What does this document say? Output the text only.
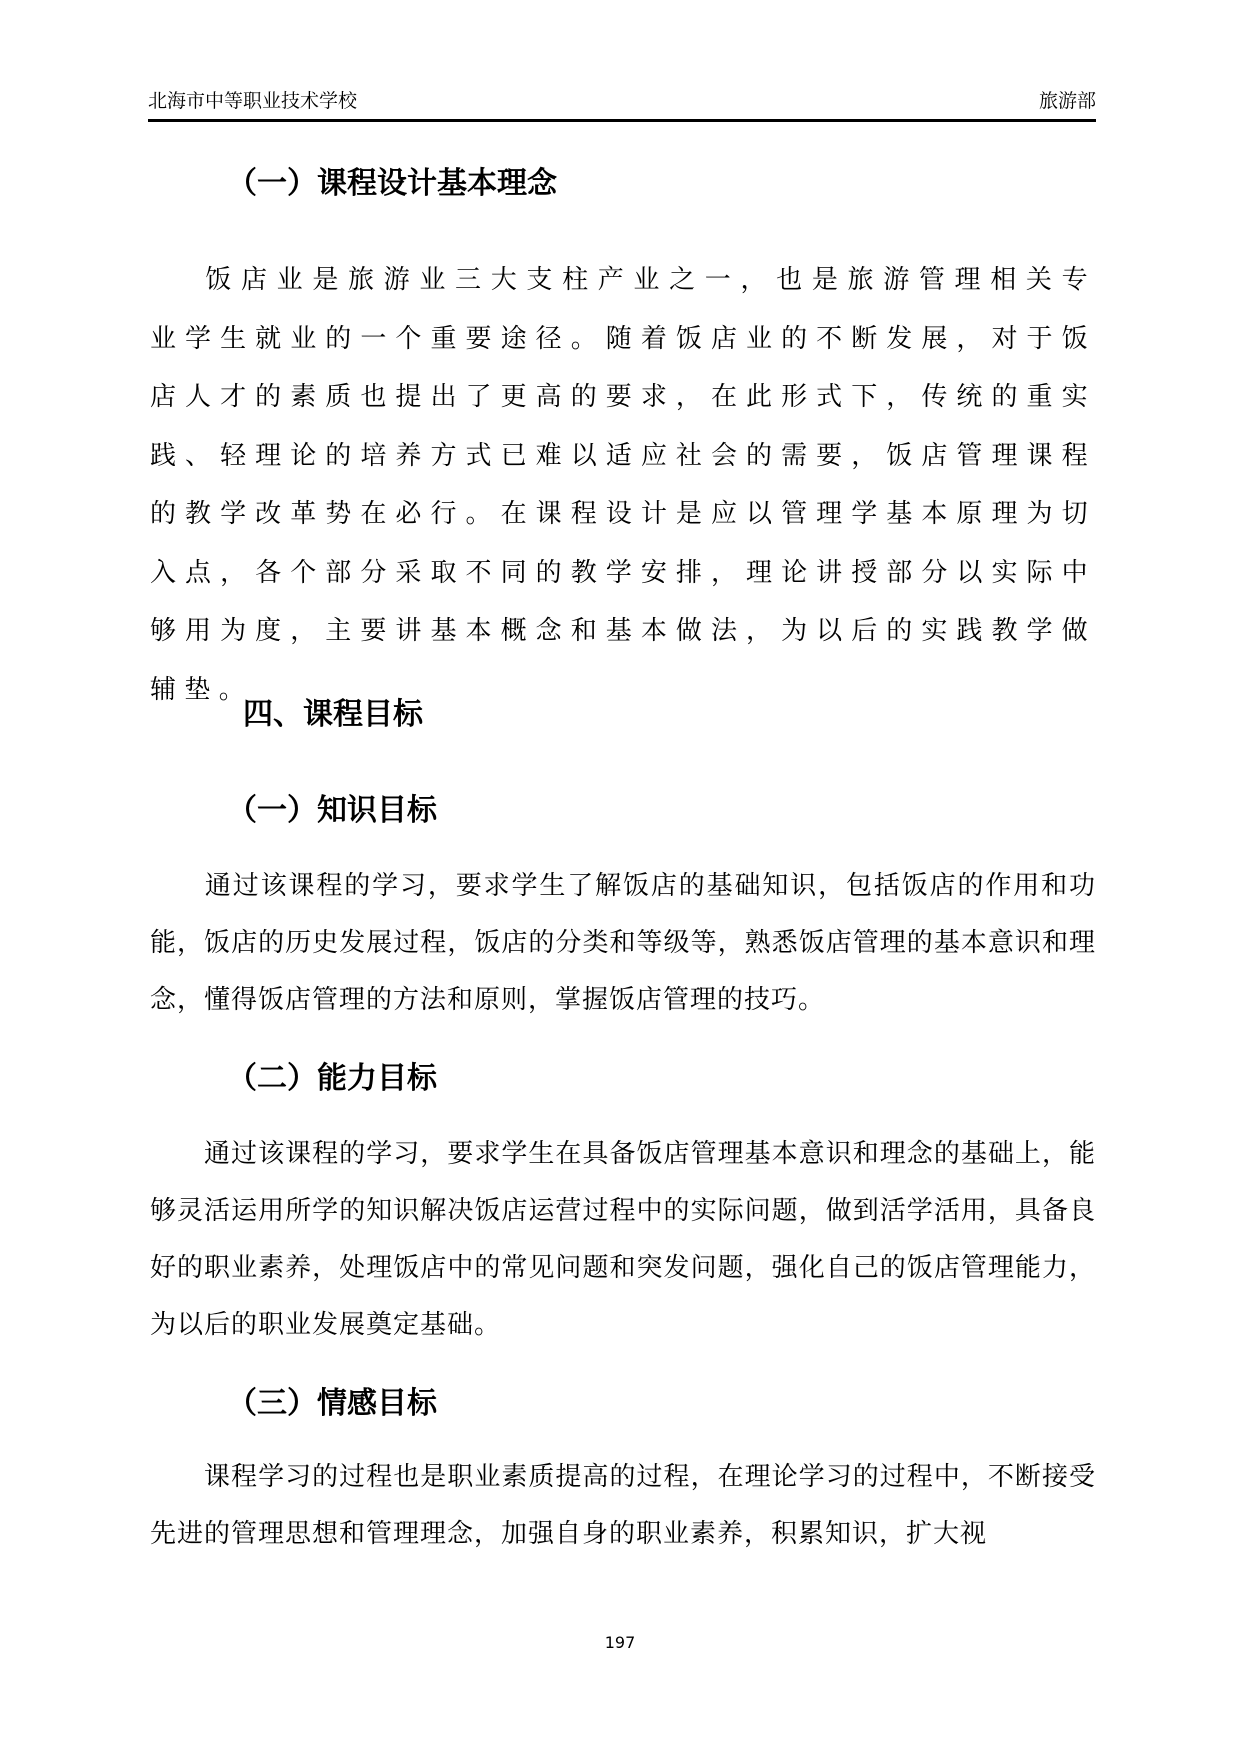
北海市中等职业技术学校	旅游部
（一）课程设计基本理念

饭店业是旅游业三大支柱产业之一，也是旅游管理相关专业学生就业的一个重要途径。随着饭店业的不断发展，对于饭店人才的素质也提出了更高的要求，在此形式下，传统的重实践、轻理论的培养方式已难以适应社会的需要，饭店管理课程的教学改革势在必行。在课程设计是应以管理学基本原理为切入点，各个部分采取不同的教学安排，理论讲授部分以实际中够用为度，主要讲基本概念和基本做法，为以后的实践教学做辅垫。

四、课程目标
（一）知识目标

通过该课程的学习，要求学生了解饭店的基础知识，包括饭店的作用和功能，饭店的历史发展过程，饭店的分类和等级等，熟悉饭店管理的基本意识和理念，懂得饭店管理的方法和原则，掌握饭店管理的技巧。

（二）能力目标

通过该课程的学习，要求学生在具备饭店管理基本意识和理念的基础上，能够灵活运用所学的知识解决饭店运营过程中的实际问题，做到活学活用，具备良好的职业素养，处理饭店中的常见问题和突发问题，强化自己的饭店管理能力，为以后的职业发展奠定基础。

（三）情感目标

课程学习的过程也是职业素质提高的过程，在理论学习的过程中，不断接受先进的管理思想和管理理念，加强自身的职业素养，积累知识，扩大视

197
